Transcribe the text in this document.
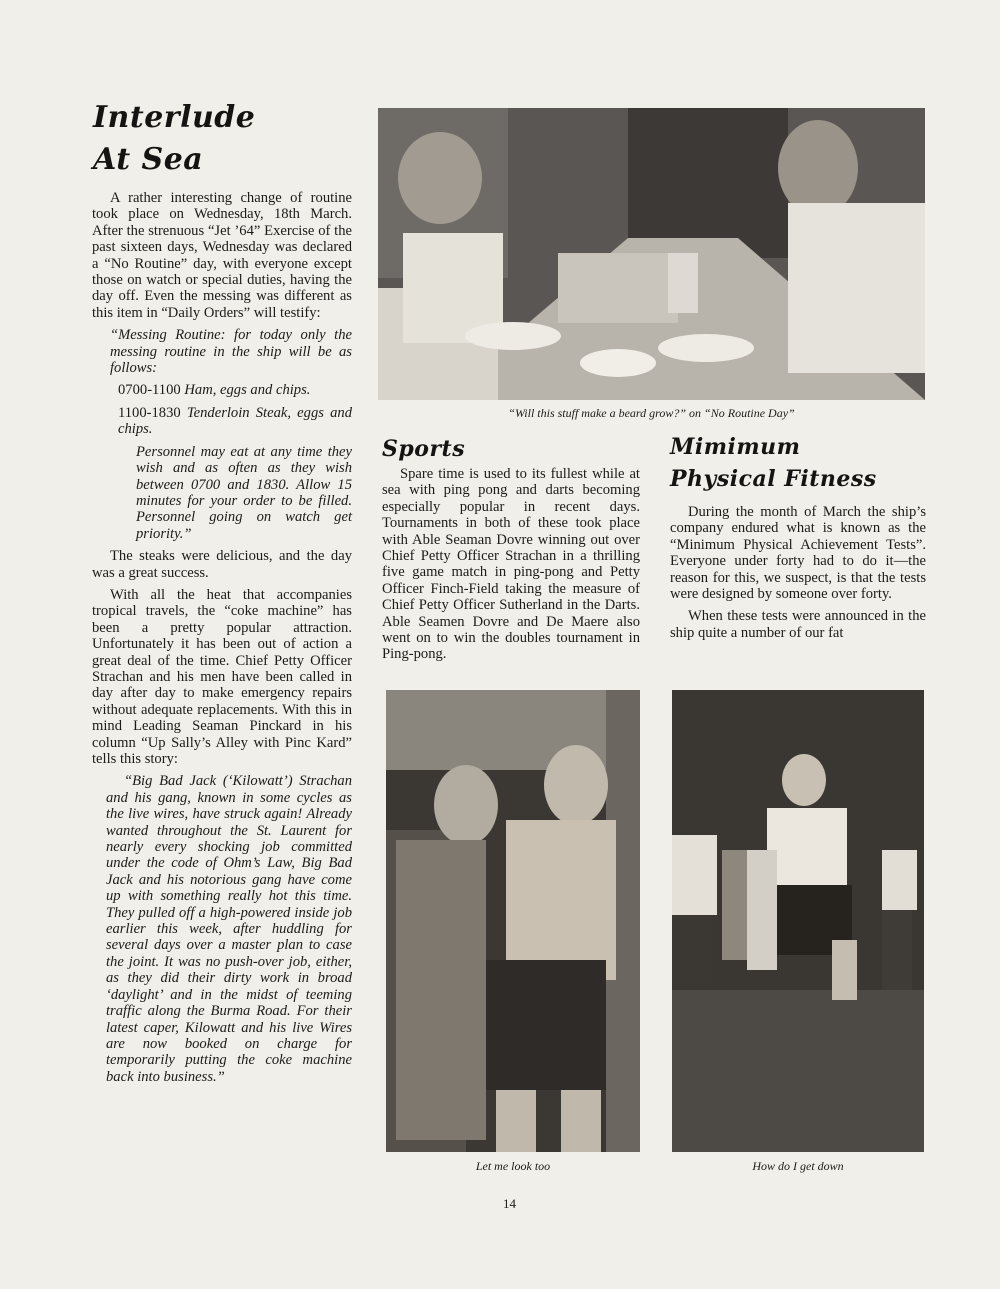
Interlude
At Sea

A rather interesting change of routine took place on Wednesday, 18th March. After the strenuous “Jet ’64” Exercise of the past sixteen days, Wednesday was declared a “No Routine” day, with everyone except those on watch or special duties, having the day off. Even the messing was different as this item in “Daily Orders” will testify:

“Messing Routine: for today only the messing routine in the ship will be as follows:

0700-1100 Ham, eggs and chips.

1100-1830 Tenderloin Steak, eggs and chips.

Personnel may eat at any time they wish and as often as they wish between 0700 and 1830. Allow 15 minutes for your order to be filled. Personnel going on watch get priority.”

The steaks were delicious, and the day was a great success.

With all the heat that accompanies tropical travels, the “coke machine” has been a pretty popular attraction. Unfortunately it has been out of action a great deal of the time. Chief Petty Officer Strachan and his men have been called in day after day to make emergency repairs without adequate replacements. With this in mind Leading Seaman Pinckard in his column “Up Sally’s Alley with Pinc Kard” tells this story:

“Big Bad Jack (‘Kilowatt’) Strachan and his gang, known in some cycles as the live wires, have struck again! Already wanted throughout the St. Laurent for nearly every shocking job committed under the code of Ohm’s Law, Big Bad Jack and his notorious gang have come up with something really hot this time. They pulled off a high-powered inside job earlier this week, after huddling for several days over a master plan to case the joint. It was no push-over job, either, as they did their dirty work in broad ‘daylight’ and in the midst of teeming traffic along the Burma Road. For their latest caper, Kilowatt and his live Wires are now booked on charge for temporarily putting the coke machine back into business.”

“Will this stuff make a beard grow?” on “No Routine Day”
Sports

Spare time is used to its fullest while at sea with ping pong and darts becoming especially popular in recent days. Tournaments in both of these took place with Able Seaman Dovre winning out over Chief Petty Officer Strachan in a thrilling five game match in ping-pong and Petty Officer Finch-Field taking the measure of Chief Petty Officer Sutherland in the Darts. Able Seamen Dovre and De Maere also went on to win the doubles tournament in Ping-pong.

Mimimum
Physical Fitness

During the month of March the ship’s company endured what is known as the “Minimum Physical Achievement Tests”. Everyone under forty had to do it—the reason for this, we suspect, is that the tests were designed by someone over forty.

When these tests were announced in the ship quite a number of our fat

Let me look too	How do I get down
14
